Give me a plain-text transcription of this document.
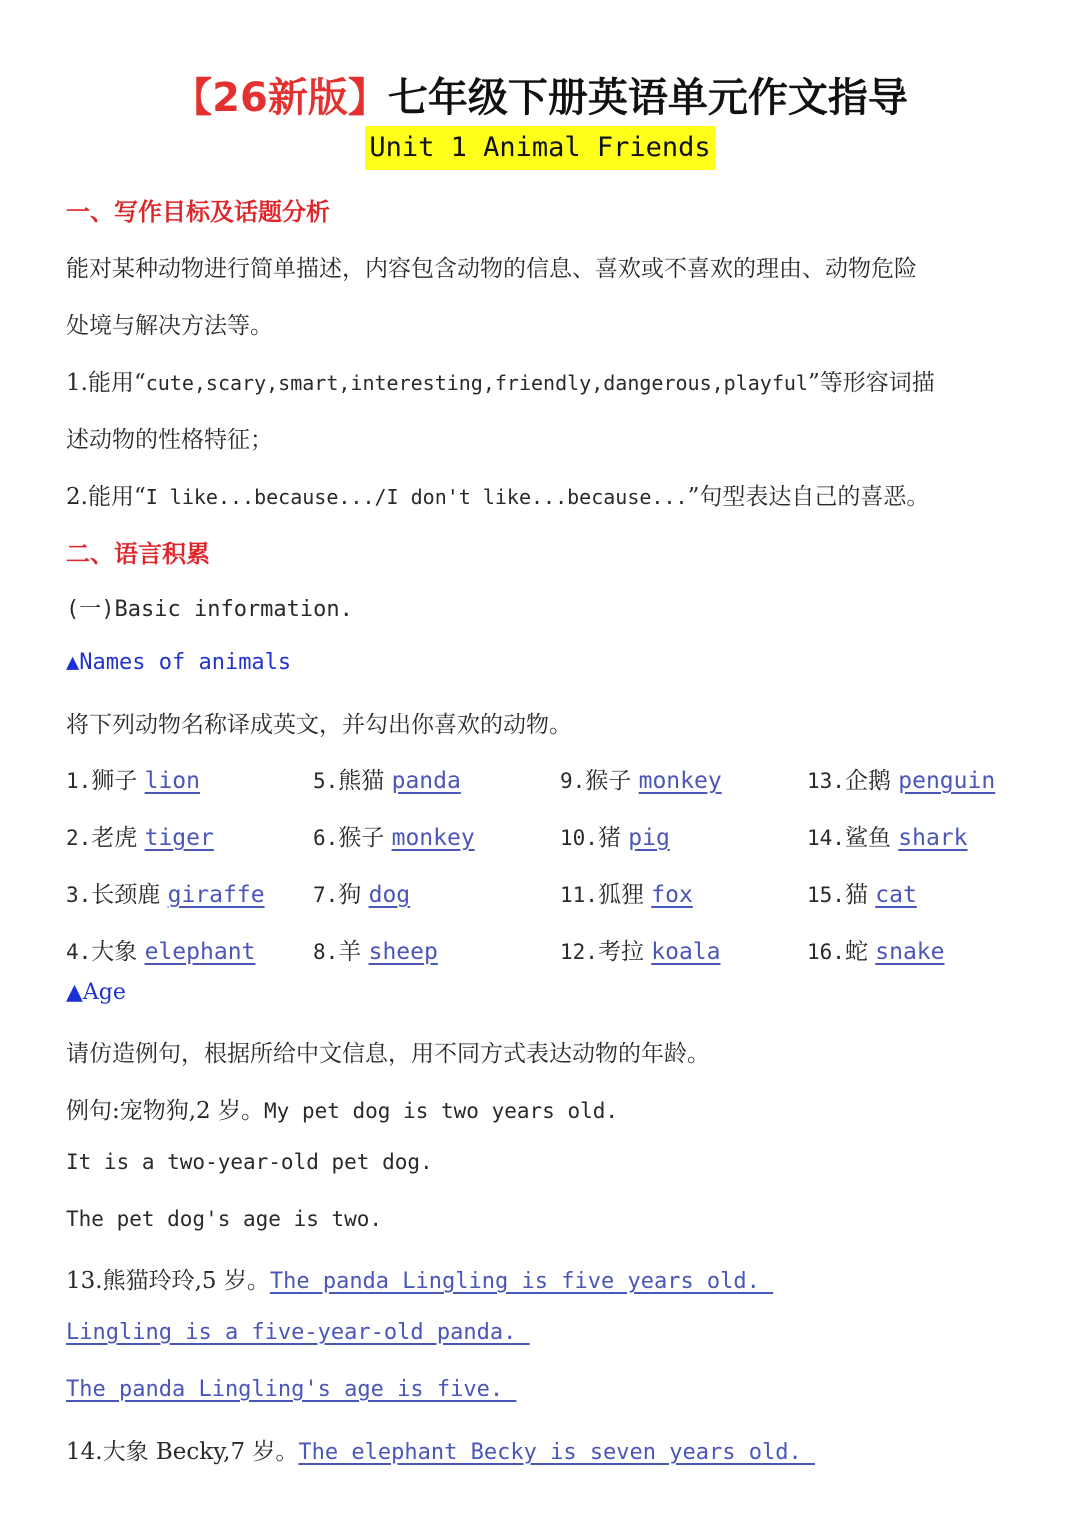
【26新版】七年级下册英语单元作文指导
Unit 1 Animal Friends
一、写作目标及话题分析
能对某种动物进行简单描述，内容包含动物的信息、喜欢或不喜欢的理由、动物危险
处境与解决方法等。
1.能用“cute,scary,smart,interesting,friendly,dangerous,playful”等形容词描
述动物的性格特征；
2.能用“I like...because.../I don't like...because...”句型表达自己的喜恶。
二、语言积累
(一)Basic information.
▲Names of animals
将下列动物名称译成英文，并勾出你喜欢的动物。
1.狮子 lion	5.熊猫 panda	9.猴子 monkey	13.企鹅 penguin
2.老虎 tiger	6.猴子 monkey	10.猪 pig	14.鲨鱼 shark
3.长颈鹿 giraffe 7.狗 dog	11.狐狸 fox	15.猫 cat
4.大象 elephant	8.羊 sheep	12.考拉 koala	16.蛇 snake
▲Age
请仿造例句，根据所给中文信息，用不同方式表达动物的年龄。
例句:宠物狗,2 岁。My pet dog is two years old.
It is a two-year-old pet dog.
The pet dog's age is two.
13.熊猫玲玲,5 岁。The panda Lingling is five years old.
Lingling is a five-year-old panda.
The panda Lingling's age is five.
14.大象 Becky,7 岁。The elephant Becky is seven years old.
